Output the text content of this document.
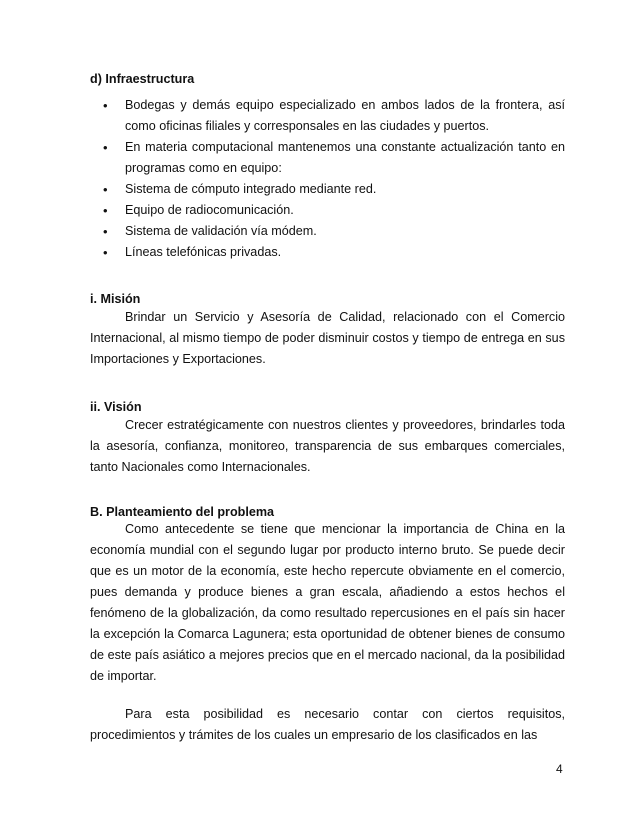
d) Infraestructura
• Bodegas y demás equipo especializado en ambos lados de la frontera, así como oficinas filiales y corresponsales en las ciudades y puertos.
• En materia computacional mantenemos una constante actualización tanto en programas como en equipo:
• Sistema de cómputo integrado mediante red.
• Equipo de radiocomunicación.
• Sistema de validación vía módem.
• Líneas telefónicas privadas.
i. Misión
Brindar un Servicio y Asesoría de Calidad, relacionado con el Comercio Internacional, al mismo tiempo de poder disminuir costos y tiempo de entrega en sus Importaciones y Exportaciones.
ii. Visión
Crecer estratégicamente con nuestros clientes y proveedores, brindarles toda la asesoría, confianza, monitoreo, transparencia de sus embarques comerciales, tanto Nacionales como Internacionales.
B. Planteamiento del problema
Como antecedente se tiene que mencionar la importancia de China en la economía mundial con el segundo lugar por producto interno bruto. Se puede decir que es un motor de la economía, este hecho repercute obviamente en el comercio, pues demanda y produce bienes a gran escala, añadiendo a estos hechos el fenómeno de la globalización, da como resultado repercusiones en el país sin hacer la excepción la Comarca Lagunera; esta oportunidad de obtener bienes de consumo de este país asiático a mejores precios que en el mercado nacional, da la posibilidad de importar.
Para esta posibilidad es necesario contar con ciertos requisitos, procedimientos y trámites de los cuales un empresario de los clasificados en las
4
